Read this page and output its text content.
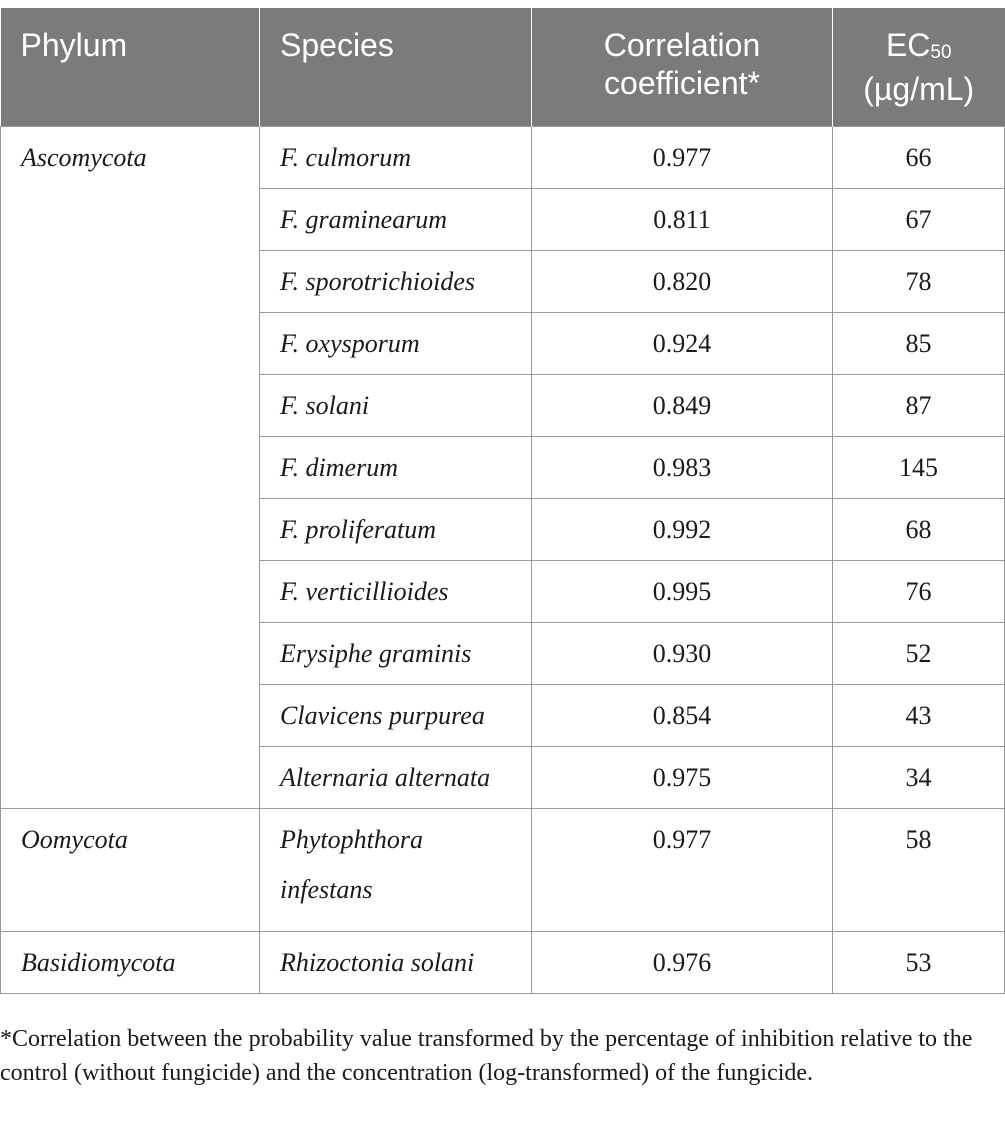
Phylum	Species	Correlation coefficient*	$EC_{50}$
(µg/mL)
Ascomycota	F. culmorum	0.977	66
	F. graminearum	0.811	67
	F. sporotrichioides	0.820	78
	F. oxysporum	0.924	85
	F. solani	0.849	87
	F. dimerum	0.983	145
	F. proliferatum	0.992	68
	F. verticillioides	0.995	76
	Erysiphe graminis	0.930	52
	Clavicens purpurea	0.854	43
	Alternaria alternata	0.975	34
Oomycota	Phytophthora infestans	0.977	58
Basidiomycota	Rhizoctonia solani	0.976	53

*Correlation between the probability value transformed by the percentage of inhibition relative to the control (without fungicide) and the concentration (log-transformed) of the fungicide.
